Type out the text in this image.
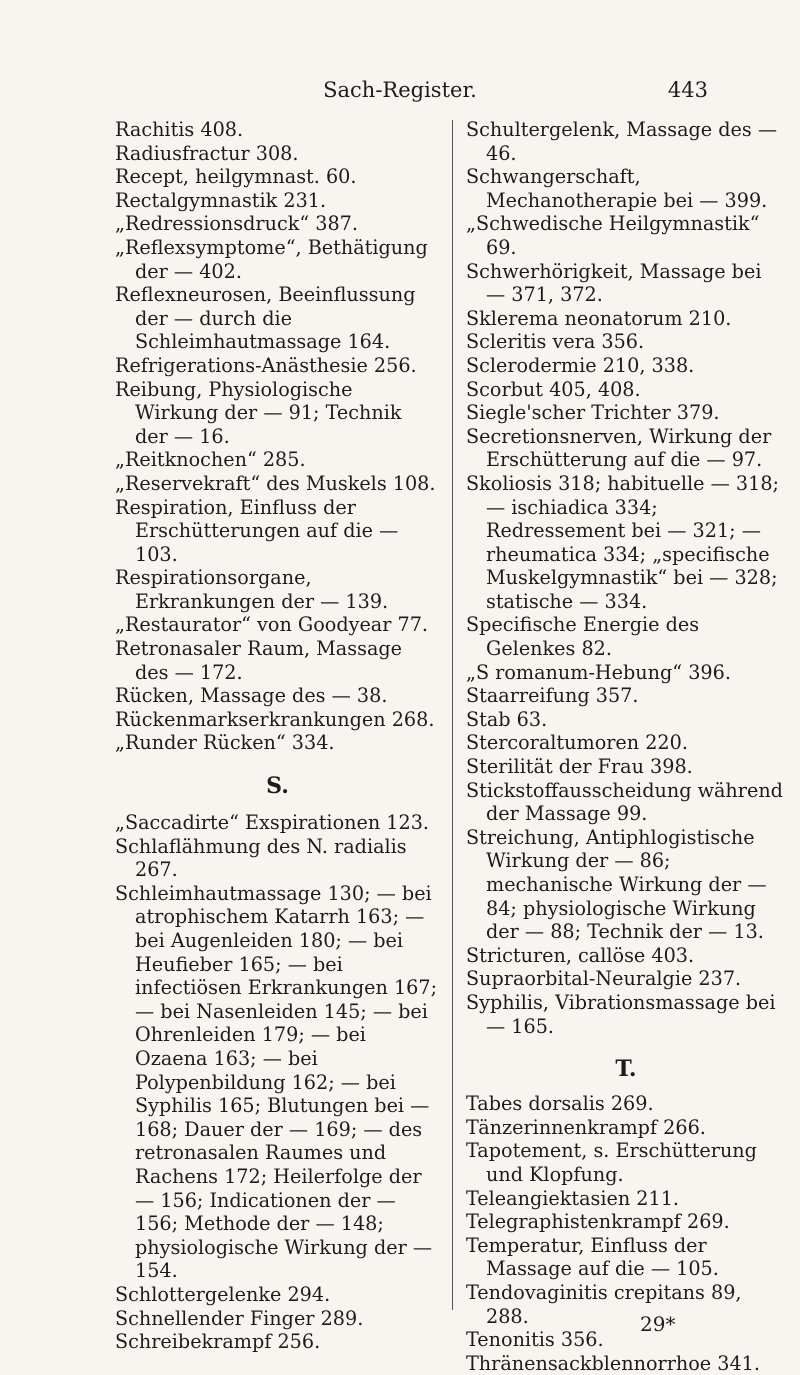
Sach-Register.	443

Rachitis 408.

Radiusfractur 308.

Recept, heilgymnast. 60.

Rectalgymnastik 231.

„Redressionsdruck“ 387.

„Reflexsymptome“, Bethätigung der — 402.

Reflexneurosen, Beeinflussung der — durch die Schleimhautmassage 164.

Refrigerations-Anästhesie 256.

Reibung, Physiologische Wirkung der — 91; Technik der — 16.

„Reitknochen“ 285.

„Reservekraft“ des Muskels 108.

Respiration, Einfluss der Erschütterungen auf die — 103.

Respirationsorgane, Erkrankungen der — 139.

„Restaurator“ von Goodyear 77.

Retronasaler Raum, Massage des — 172.

Rücken, Massage des — 38.

Rückenmarkserkrankungen 268.

„Runder Rücken“ 334.

S.

„Saccadirte“ Exspirationen 123.

Schlaflähmung des N. radialis 267.

Schleimhautmassage 130; — bei atrophischem Katarrh 163; — bei Augenleiden 180; — bei Heufieber 165; — bei infectiösen Erkrankungen 167; — bei Nasenleiden 145; — bei Ohrenleiden 179; — bei Ozaena 163; — bei Polypenbildung 162; — bei Syphilis 165; Blutungen bei — 168; Dauer der — 169; — des retronasalen Raumes und Rachens 172; Heilerfolge der — 156; Indicationen der — 156; Methode der — 148; physiologische Wirkung der — 154.

Schlottergelenke 294.

Schnellender Finger 289.

Schreibekrampf 256.

Schultergelenk, Massage des — 46.

Schwangerschaft, Mechanotherapie bei — 399.

„Schwedische Heilgymnastik“ 69.

Schwerhörigkeit, Massage bei — 371, 372.

Sklerema neonatorum 210.

Scleritis vera 356.

Sclerodermie 210, 338.

Scorbut 405, 408.

Siegle'scher Trichter 379.

Secretionsnerven, Wirkung der Erschütterung auf die — 97.

Skoliosis 318; habituelle — 318; — ischiadica 334; Redressement bei — 321; — rheumatica 334; „specifische Muskelgymnastik“ bei — 328; statische — 334.

Specifische Energie des Gelenkes 82.

„S romanum-Hebung“ 396.

Staarreifung 357.

Stab 63.

Stercoraltumoren 220.

Sterilität der Frau 398.

Stickstoffausscheidung während der Massage 99.

Streichung, Antiphlogistische Wirkung der — 86; mechanische Wirkung der — 84; physiologische Wirkung der — 88; Technik der — 13.

Stricturen, callöse 403.

Supraorbital-Neuralgie 237.

Syphilis, Vibrationsmassage bei — 165.

T.

Tabes dorsalis 269.

Tänzerinnenkrampf 266.

Tapotement, s. Erschütterung und Klopfung.

Teleangiektasien 211.

Telegraphistenkrampf 269.

Temperatur, Einfluss der Massage auf die — 105.

Tendovaginitis crepitans 89, 288.

Tenonitis 356.

Thränensackblennorrhoe 341.

29*
